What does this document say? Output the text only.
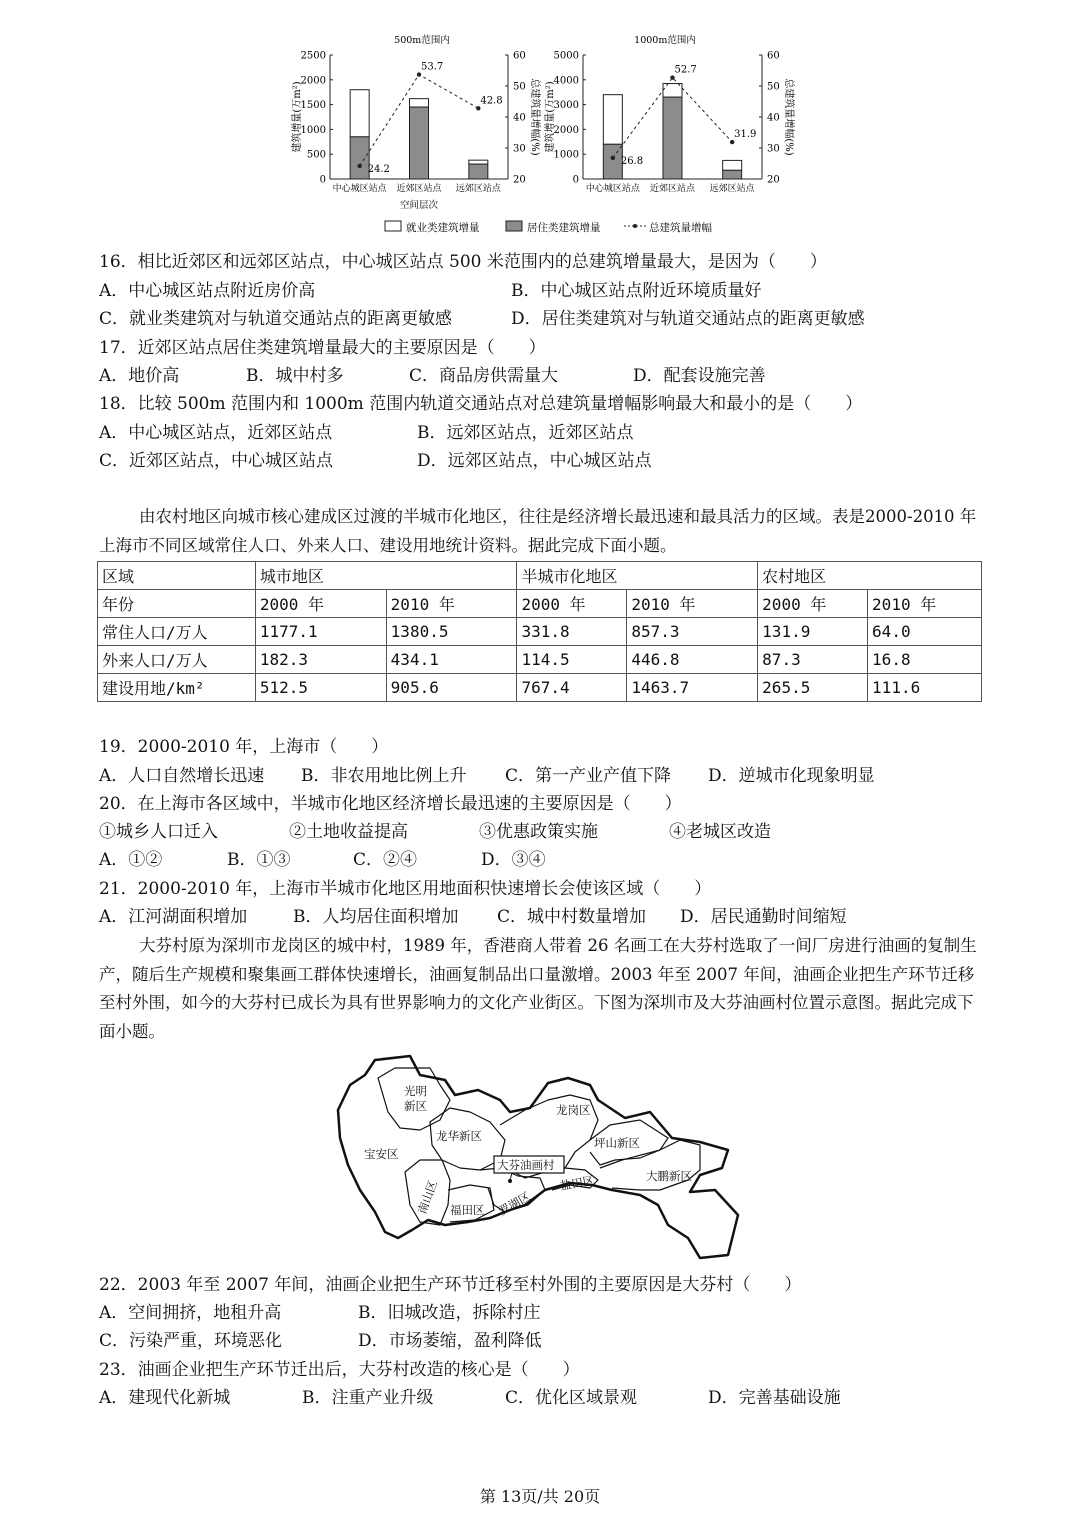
500m范围内
2500
2000
1500
1000
500
0
60
50
40
30
20
建筑增量(万m²)	总建筑量增幅(%)
中心城区站点 近郊区站点 远郊区站点
24.2
53.7
42.8
空间层次
1000m范围内
5000
4000
3000
2000
1000
0
60
50
40
30
20
建筑增量(万m²)	总建筑量增幅(%)
中心城区站点 近郊区站点 远郊区站点
26.8
52.7
31.9
就业类建筑增量	居住类建筑增量	总建筑量增幅
16．相比近郊区和远郊区站点，中心城区站点 500 米范围内的总建筑增量最大，是因为（　　）
A．中心城区站点附近房价高	B．中心城区站点附近环境质量好
C．就业类建筑对与轨道交通站点的距离更敏感	D．居住类建筑对与轨道交通站点的距离更敏感
17．近郊区站点居住类建筑增量最大的主要原因是（　　）
A．地价高	B．城中村多	C．商品房供需量大	D．配套设施完善
18．比较 500m 范围内和 1000m 范围内轨道交通站点对总建筑量增幅影响最大和最小的是（　　）
A．中心城区站点，近郊区站点	B．远郊区站点，近郊区站点
C．近郊区站点，中心城区站点	D．远郊区站点，中心城区站点
由农村地区向城市核心建成区过渡的半城市化地区，往往是经济增长最迅速和最具活力的区域。表是2000-2010 年上海市不同区域常住人口、外来人口、建设用地统计资料。据此完成下面小题。
区域	城市地区		半城市化地区		农村地区	
年份	2000 年	2010 年	2000 年	2010 年	2000 年	2010 年
常住人口/万人	1177.1	1380.5	331.8	857.3	131.9	64.0
外来人口/万人	182.3	434.1	114.5	446.8	87.3	16.8
建设用地/km²	512.5	905.6	767.4	1463.7	265.5	111.6
19．2000-2010 年，上海市（　　）
A．人口自然增长迅速 B．非农用地比例上升 C．第一产业产值下降 D．逆城市化现象明显
20．在上海市各区域中，半城市化地区经济增长最迅速的主要原因是（　　）
①城乡人口迁入	②土地收益提高	③优惠政策实施	④老城区改造
A．①②	B．①③	C．②④	D．③④
21．2000-2010 年，上海市半城市化地区用地面积快速增长会使该区域（　　）
A．江河湖面积增加	B．人均居住面积增加 C．城中村数量增加 D．居民通勤时间缩短
大芬村原为深圳市龙岗区的城中村，1989 年，香港商人带着 26 名画工在大芬村选取了一间厂房进行油画的复制生产，随后生产规模和聚集画工群体快速增长，油画复制品出口量激增。2003 年至 2007 年间，油画企业把生产环节迁移至村外围，如今的大芬村已成长为具有世界影响力的文化产业街区。下图为深圳市及大芬油画村位置示意图。据此完成下面小题。
光明
新区
宝安区
龙华新区
龙岗区
坪山新区
大鹏新区
福田区 罗湖区
盐田区
南山区
大芬油画村
22．2003 年至 2007 年间，油画企业把生产环节迁移至村外围的主要原因是大芬村（　　）
A．空间拥挤，地租升高	B．旧城改造，拆除村庄
C．污染严重，环境恶化	D．市场萎缩，盈利降低
23．油画企业把生产环节迁出后，大芬村改造的核心是（　　）
A．建现代化新城	B．注重产业升级	C．优化区域景观	D．完善基础设施
第 13页/共 20页
